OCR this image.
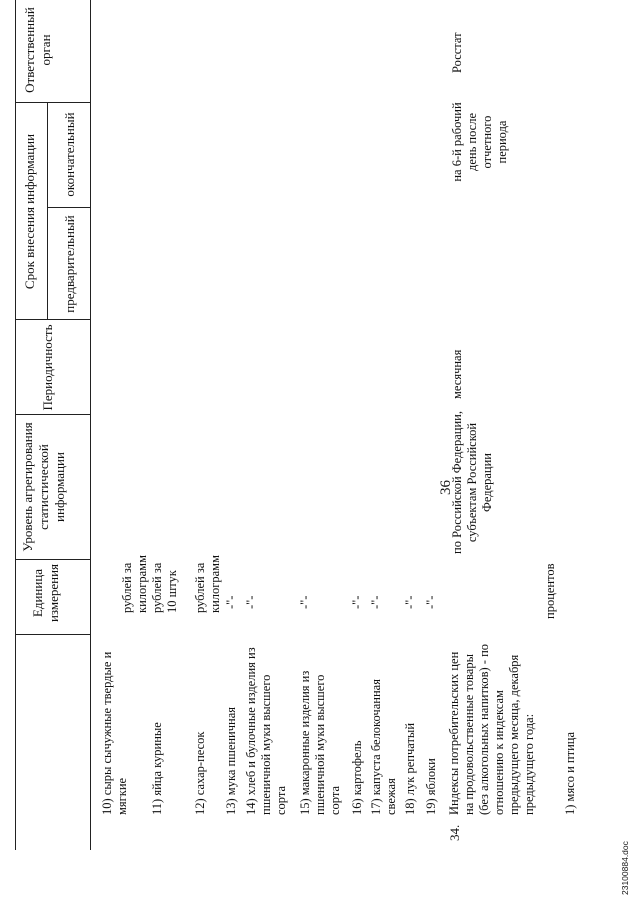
36
23100884.doc
Единица измерения
Уровень агрегирования статистической информации
Периодичность
Срок внесения информации предварительный
окончательный
Ответственный орган
10) сыры сычужные твердые и мягкие
рублей за килограмм
11) яйца куриные
рублей за 10 штук
12) сахар-песок
рублей за килограмм
13) мука пшеничная
-"-
14) хлеб и булочные изделия из пшеничной муки высшего сорта
-"-
15) макаронные изделия из пшеничной муки высшего сорта
-"-
16) картофель
-"-
17) капуста белокочанная свежая
-"-
18) лук репчатый
-"-
19) яблоки
-"-
34.
Индексы потребительских цен на продовольственные товары (без алкогольных напитков) - по отношению к индексам предыдущего месяца, декабря предыдущего года:
по Российской Федерации, субъектам Российской Федерации
месячная
на 6-й рабочий день после отчетного периода
Росстат
1) мясо и птица
процентов
